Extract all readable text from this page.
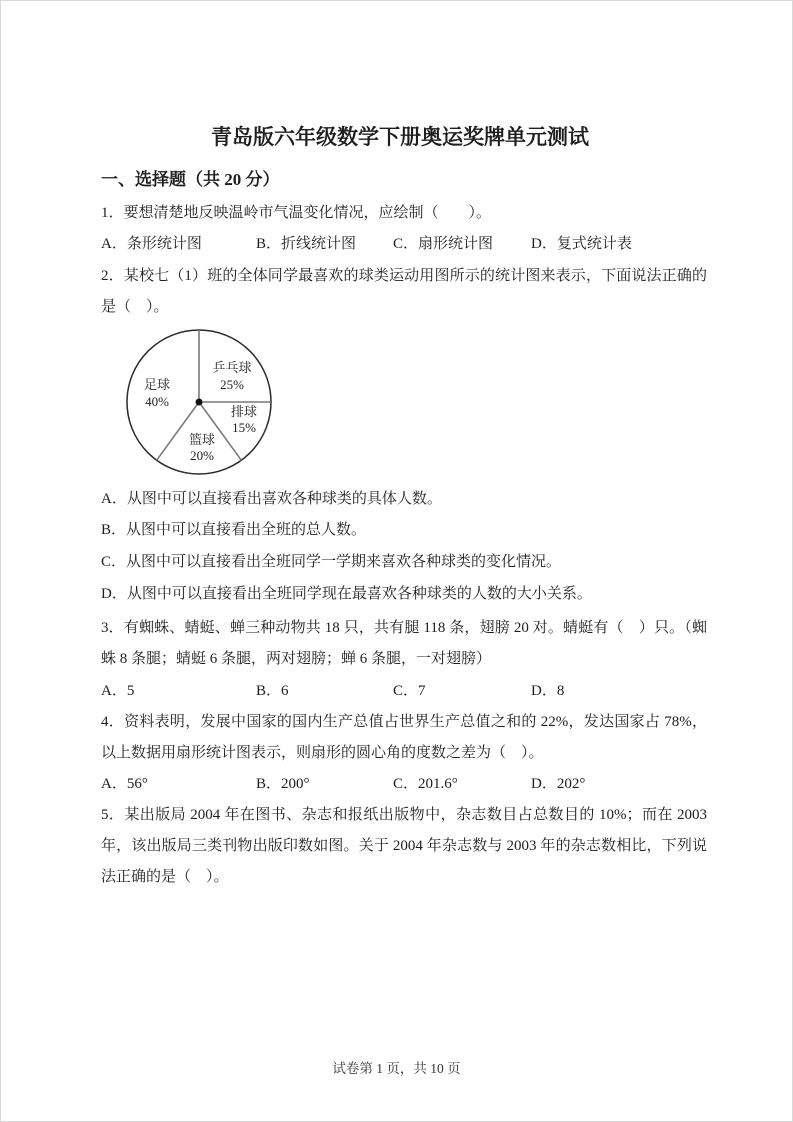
青岛版六年级数学下册奥运奖牌单元测试
一、选择题（共 20 分）
1．要想清楚地反映温岭市气温变化情况，应绘制（　　）。
A．条形统计图	B．折线统计图	C．扇形统计图	D．复式统计表
2．某校七（1）班的全体同学最喜欢的球类运动用图所示的统计图来表示，下面说法正确的
是（　）。
乒乓球
25%
足球
40%
排球
15%
篮球
20%
A．从图中可以直接看出喜欢各种球类的具体人数。
B．从图中可以直接看出全班的总人数。
C．从图中可以直接看出全班同学一学期来喜欢各种球类的变化情况。
D．从图中可以直接看出全班同学现在最喜欢各种球类的人数的大小关系。
3．有蜘蛛、蜻蜓、蝉三种动物共 18 只，共有腿 118 条，翅膀 20 对。蜻蜓有（　）只。（蜘
蛛 8 条腿；蜻蜓 6 条腿，两对翅膀；蝉 6 条腿，一对翅膀）
A．5	B．6	C．7	D．8
4．资料表明，发展中国家的国内生产总值占世界生产总值之和的 22%，发达国家占 78%，
以上数据用扇形统计图表示，则扇形的圆心角的度数之差为（　）。
A．56°	B．200°	C．201.6°	D．202°
5．某出版局 2004 年在图书、杂志和报纸出版物中，杂志数目占总数目的 10%；而在 2003
年，该出版局三类刊物出版印数如图。关于 2004 年杂志数与 2003 年的杂志数相比，下列说
法正确的是（　）。
试卷第 1 页，共 10 页
